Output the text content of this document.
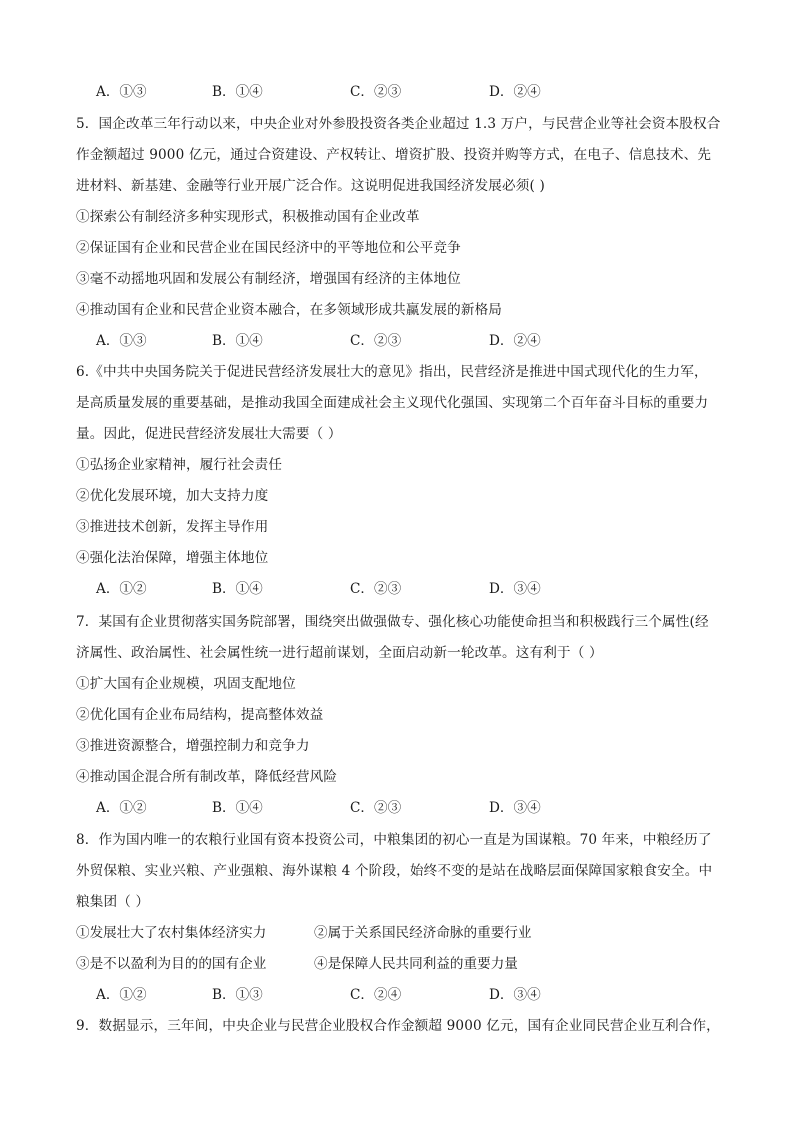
A．①③	B．①④	C．②③	D．②④
5．国企改革三年行动以来，中央企业对外参股投资各类企业超过 1.3 万户，与民营企业等社会资本股权合
作金额超过 9000 亿元，通过合资建设、产权转让、增资扩股、投资并购等方式，在电子、信息技术、先
进材料、新基建、金融等行业开展广泛合作。这说明促进我国经济发展必须( )
①探索公有制经济多种实现形式，积极推动国有企业改革
②保证国有企业和民营企业在国民经济中的平等地位和公平竞争
③毫不动摇地巩固和发展公有制经济，增强国有经济的主体地位
④推动国有企业和民营企业资本融合，在多领域形成共赢发展的新格局
A．①③	B．①④	C．②③	D．②④
6.《中共中央国务院关于促进民营经济发展壮大的意见》指出，民营经济是推进中国式现代化的生力军，
是高质量发展的重要基础，是推动我国全面建成社会主义现代化强国、实现第二个百年奋斗目标的重要力
量。因此，促进民营经济发展壮大需要（ ）
①弘扬企业家精神，履行社会责任
②优化发展环境，加大支持力度
③推进技术创新，发挥主导作用
④强化法治保障，增强主体地位
A．①②	B．①④	C．②③	D．③④
7．某国有企业贯彻落实国务院部署，围绕突出做强做专、强化核心功能使命担当和积极践行三个属性(经
济属性、政治属性、社会属性统一进行超前谋划，全面启动新一轮改革。这有利于（ ）
①扩大国有企业规模，巩固支配地位
②优化国有企业布局结构，提高整体效益
③推进资源整合，增强控制力和竞争力
④推动国企混合所有制改革，降低经营风险
A．①②	B．①④	C．②③	D．③④
8．作为国内唯一的农粮行业国有资本投资公司，中粮集团的初心一直是为国谋粮。70 年来，中粮经历了
外贸保粮、实业兴粮、产业强粮、海外谋粮 4 个阶段，始终不变的是站在战略层面保障国家粮食安全。中
粮集团（ ）
①发展壮大了农村集体经济实力	②属于关系国民经济命脉的重要行业
③是不以盈利为目的的国有企业	④是保障人民共同利益的重要力量
A．①②	B．①③	C．②④	D．③④
9．数据显示，三年间，中央企业与民营企业股权合作金额超 9000 亿元，国有企业同民营企业互利合作，
